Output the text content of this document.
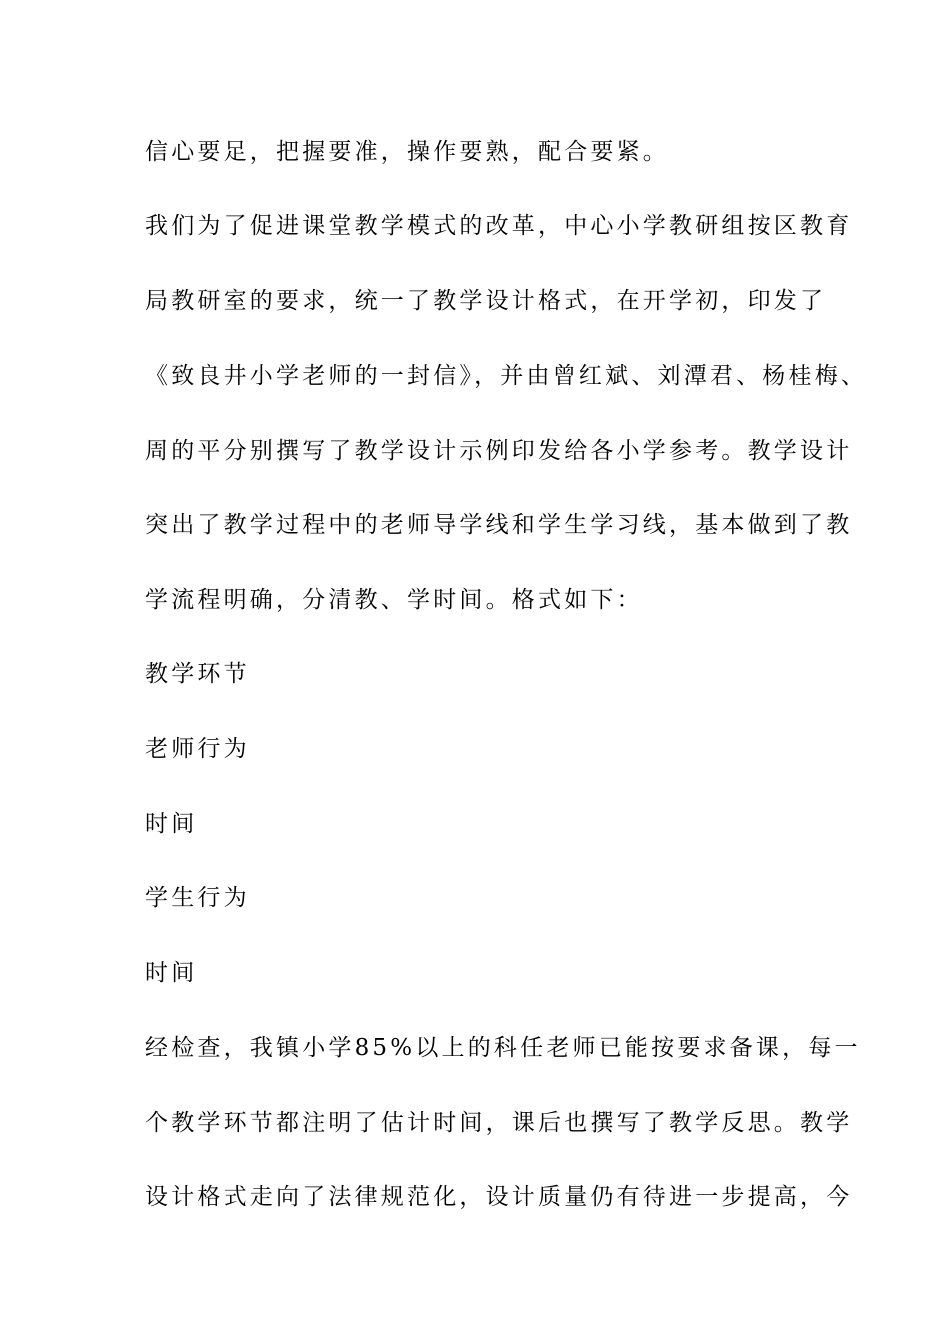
信心要足，把握要准，操作要熟，配合要紧。
我们为了促进课堂教学模式的改革，中心小学教研组按区教育
局教研室的要求，统一了教学设计格式，在开学初，印发了
《致良井小学老师的一封信》，并由曾红斌、刘潭君、杨桂梅、
周的平分别撰写了教学设计示例印发给各小学参考。教学设计
突出了教学过程中的老师导学线和学生学习线，基本做到了教
学流程明确，分清教、学时间。格式如下：
教学环节
老师行为
时间
学生行为
时间
经检查，我镇小学85%以上的科任老师已能按要求备课，每一
个教学环节都注明了估计时间，课后也撰写了教学反思。教学
设计格式走向了法律规范化，设计质量仍有待进一步提高，今
